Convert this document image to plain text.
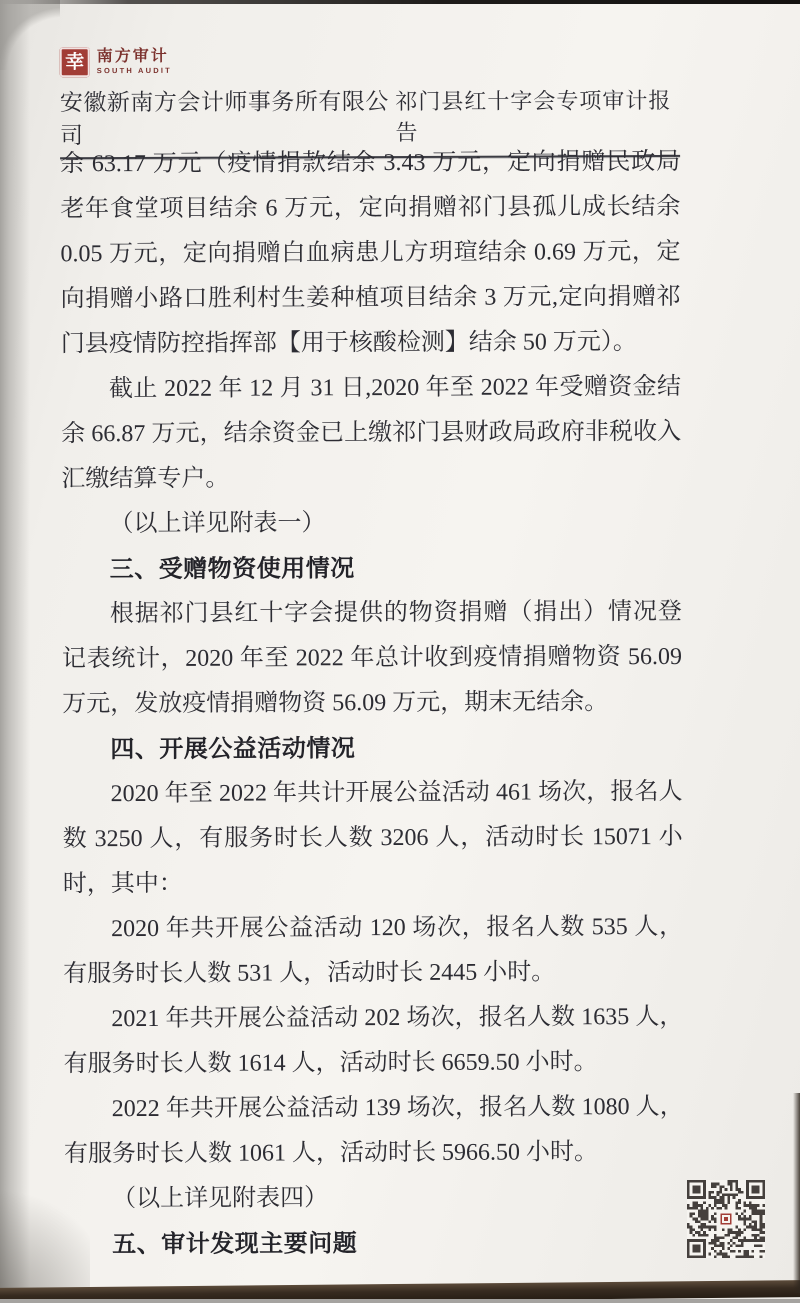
幸 南方审计
SOUTH AUDIT
安徽新南方会计师事务所有限公司
祁门县红十字会专项审计报告

余 63.17 万元（疫情捐款结余 3.43 万元，定向捐赠民政局老年食堂项目结余 6 万元，定向捐赠祁门县孤儿成长结余 0.05 万元，定向捐赠白血病患儿方玥瑄结余 0.69 万元，定向捐赠小路口胜利村生姜种植项目结余 3 万元,定向捐赠祁门县疫情防控指挥部【用于核酸检测】结余 50 万元）。

截止 2022 年 12 月 31 日,2020 年至 2022 年受赠资金结余 66.87 万元，结余资金已上缴祁门县财政局政府非税收入汇缴结算专户。

（以上详见附表一）

三、受赠物资使用情况

根据祁门县红十字会提供的物资捐赠（捐出）情况登记表统计，2020 年至 2022 年总计收到疫情捐赠物资 56.09 万元，发放疫情捐赠物资 56.09 万元，期末无结余。

四、开展公益活动情况

2020 年至 2022 年共计开展公益活动 461 场次，报名人数 3250 人，有服务时长人数 3206 人，活动时长 15071 小时，其中：

2020 年共开展公益活动 120 场次，报名人数 535 人，有服务时长人数 531 人，活动时长 2445 小时。

2021 年共开展公益活动 202 场次，报名人数 1635 人，有服务时长人数 1614 人，活动时长 6659.50 小时。

2022 年共开展公益活动 139 场次，报名人数 1080 人，有服务时长人数 1061 人，活动时长 5966.50 小时。

（以上详见附表四）

五、审计发现主要问题
